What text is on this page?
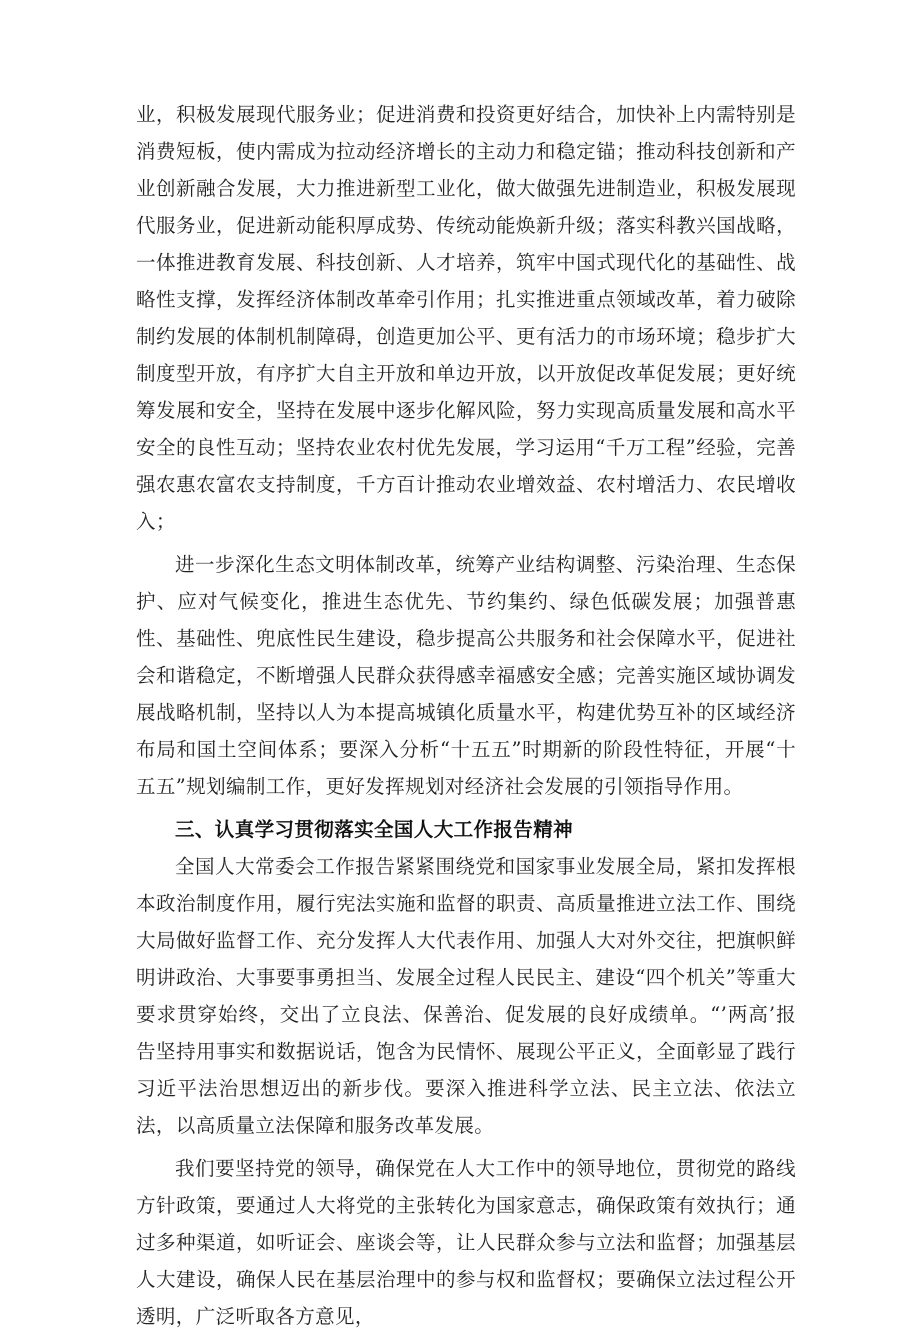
业，积极发展现代服务业；促进消费和投资更好结合，加快补上内需特别是消费短板，使内需成为拉动经济增长的主动力和稳定锚；推动科技创新和产业创新融合发展，大力推进新型工业化，做大做强先进制造业，积极发展现代服务业，促进新动能积厚成势、传统动能焕新升级；落实科教兴国战略，一体推进教育发展、科技创新、人才培养，筑牢中国式现代化的基础性、战略性支撑，发挥经济体制改革牵引作用；扎实推进重点领域改革，着力破除制约发展的体制机制障碍，创造更加公平、更有活力的市场环境；稳步扩大制度型开放，有序扩大自主开放和单边开放，以开放促改革促发展；更好统筹发展和安全，坚持在发展中逐步化解风险，努力实现高质量发展和高水平安全的良性互动；坚持农业农村优先发展，学习运用“千万工程”经验，完善强农惠农富农支持制度，千方百计推动农业增效益、农村增活力、农民增收入；

进一步深化生态文明体制改革，统筹产业结构调整、污染治理、生态保护、应对气候变化，推进生态优先、节约集约、绿色低碳发展；加强普惠性、基础性、兜底性民生建设，稳步提高公共服务和社会保障水平，促进社会和谐稳定，不断增强人民群众获得感幸福感安全感；完善实施区域协调发展战略机制，坚持以人为本提高城镇化质量水平，构建优势互补的区域经济布局和国土空间体系；要深入分析“十五五”时期新的阶段性特征，开展“十五五”规划编制工作，更好发挥规划对经济社会发展的引领指导作用。

三、认真学习贯彻落实全国人大工作报告精神

全国人大常委会工作报告紧紧围绕党和国家事业发展全局，紧扣发挥根本政治制度作用，履行宪法实施和监督的职责、高质量推进立法工作、围绕大局做好监督工作、充分发挥人大代表作用、加强人大对外交往，把旗帜鲜明讲政治、大事要事勇担当、发展全过程人民民主、建设“四个机关”等重大要求贯穿始终，交出了立良法、保善治、促发展的良好成绩单。“’两高’报告坚持用事实和数据说话，饱含为民情怀、展现公平正义，全面彰显了践行习近平法治思想迈出的新步伐。要深入推进科学立法、民主立法、依法立法，以高质量立法保障和服务改革发展。

我们要坚持党的领导，确保党在人大工作中的领导地位，贯彻党的路线方针政策，要通过人大将党的主张转化为国家意志，确保政策有效执行；通过多种渠道，如听证会、座谈会等，让人民群众参与立法和监督；加强基层人大建设，确保人民在基层治理中的参与权和监督权；要确保立法过程公开透明，广泛听取各方意见，
